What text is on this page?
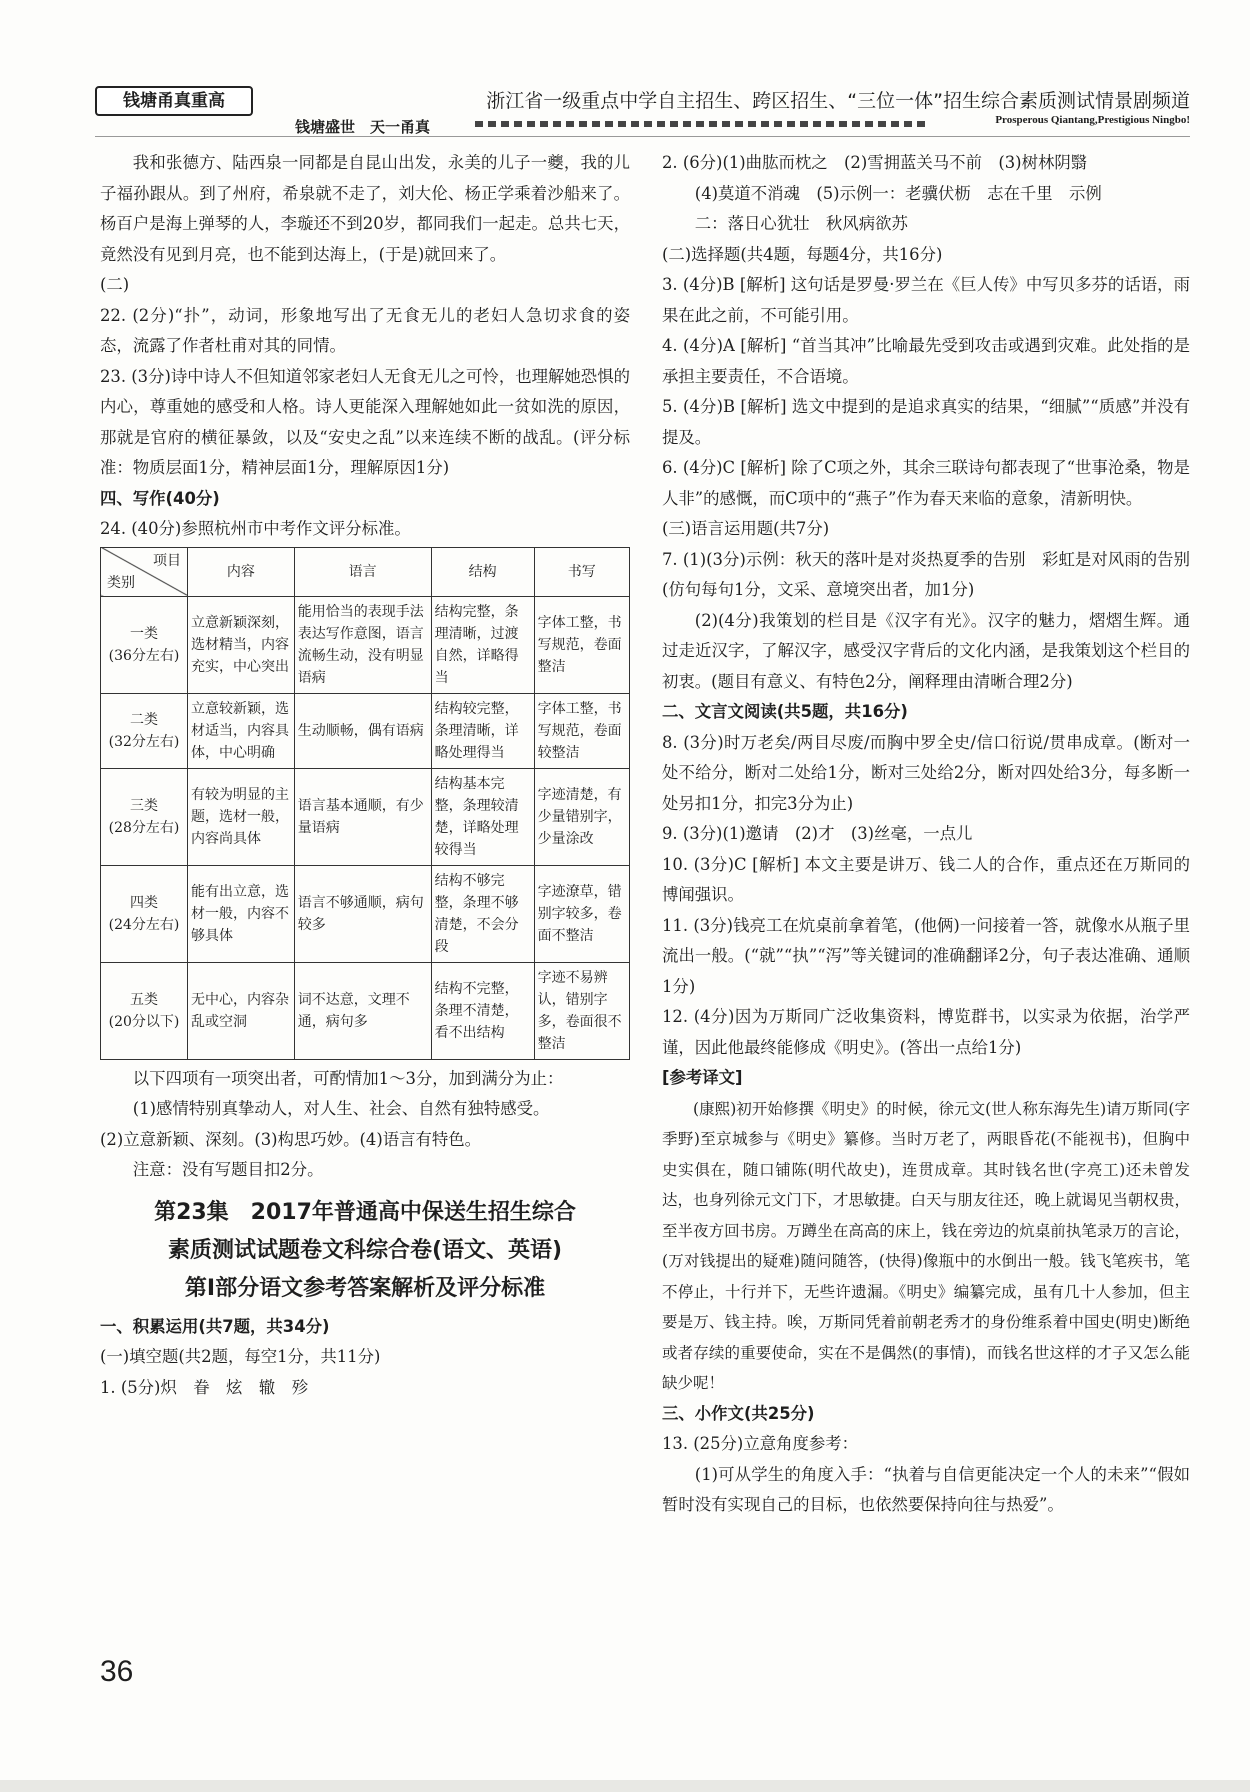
钱塘甬真重高
钱塘盛世　天一甬真
浙江省一级重点中学自主招生、跨区招生、“三位一体”招生综合素质测试情景剧频道
Prosperous Qiantang,Prestigious Ningbo!

我和张德方、陆西泉一同都是自昆山出发，永美的儿子一夔，我的儿子福孙跟从。到了州府，希泉就不走了，刘大伦、杨正学乘着沙船来了。杨百户是海上弹琴的人，李璇还不到20岁，都同我们一起走。总共七天，竟然没有见到月亮，也不能到达海上，(于是)就回来了。

(二)

22. (2分)“扑”，动词，形象地写出了无食无儿的老妇人急切求食的姿态，流露了作者杜甫对其的同情。

23. (3分)诗中诗人不但知道邻家老妇人无食无儿之可怜，也理解她恐惧的内心，尊重她的感受和人格。诗人更能深入理解她如此一贫如洗的原因，那就是官府的横征暴敛，以及“安史之乱”以来连续不断的战乱。(评分标准：物质层面1分，精神层面1分，理解原因1分)

四、写作(40分)

24. (40分)参照杭州市中考作文评分标准。

项目
类别	内容	语言	结构	书写
一类
(36分左右)	立意新颖深刻，选材精当，内容充实，中心突出	能用恰当的表现手法表达写作意图，语言流畅生动，没有明显语病	结构完整，条理清晰，过渡自然，详略得当	字体工整，书写规范，卷面整洁
二类
(32分左右)	立意较新颖，选材适当，内容具体，中心明确	生动顺畅，偶有语病	结构较完整，条理清晰，详略处理得当	字体工整，书写规范，卷面较整洁
三类
(28分左右)	有较为明显的主题，选材一般，内容尚具体	语言基本通顺，有少量语病	结构基本完整，条理较清楚，详略处理较得当	字迹清楚，有少量错别字，少量涂改
四类
(24分左右)	能有出立意，选材一般，内容不够具体	语言不够通顺，病句较多	结构不够完整，条理不够清楚，不会分段	字迹潦草，错别字较多，卷面不整洁
五类
(20分以下)	无中心，内容杂乱或空洞	词不达意，文理不通，病句多	结构不完整，条理不清楚，看不出结构	字迹不易辨认，错别字多，卷面很不整洁

以下四项有一项突出者，可酌情加1～3分，加到满分为止：

(1)感情特别真挚动人，对人生、社会、自然有独特感受。

(2)立意新颖、深刻。(3)构思巧妙。(4)语言有特色。

注意：没有写题目扣2分。

第23集　2017年普通高中保送生招生综合
素质测试试题卷文科综合卷(语文、英语)
第Ⅰ部分语文参考答案解析及评分标准

一、积累运用(共7题，共34分)

(一)填空题(共2题，每空1分，共11分)

1. (5分)炽　眷　炫　辙　殄

2. (6分)(1)曲肱而枕之　(2)雪拥蓝关马不前　(3)树林阴翳

(4)莫道不消魂　(5)示例一：老骥伏枥　志在千里　示例

二：落日心犹壮　秋风病欲苏

(二)选择题(共4题，每题4分，共16分)

3. (4分)B [解析] 这句话是罗曼·罗兰在《巨人传》中写贝多芬的话语，雨果在此之前，不可能引用。

4. (4分)A [解析] “首当其冲”比喻最先受到攻击或遇到灾难。此处指的是承担主要责任，不合语境。

5. (4分)B [解析] 选文中提到的是追求真实的结果，“细腻”“质感”并没有提及。

6. (4分)C [解析] 除了C项之外，其余三联诗句都表现了“世事沧桑，物是人非”的感慨，而C项中的“燕子”作为春天来临的意象，清新明快。

(三)语言运用题(共7分)

7. (1)(3分)示例：秋天的落叶是对炎热夏季的告别　彩虹是对风雨的告别(仿句每句1分，文采、意境突出者，加1分)

(2)(4分)我策划的栏目是《汉字有光》。汉字的魅力，熠熠生辉。通过走近汉字，了解汉字，感受汉字背后的文化内涵，是我策划这个栏目的初衷。(题目有意义、有特色2分，阐释理由清晰合理2分)

二、文言文阅读(共5题，共16分)

8. (3分)时万老矣/两目尽废/而胸中罗全史/信口衍说/贯串成章。(断对一处不给分，断对二处给1分，断对三处给2分，断对四处给3分，每多断一处另扣1分，扣完3分为止)

9. (3分)(1)邀请　(2)才　(3)丝毫，一点儿

10. (3分)C [解析] 本文主要是讲万、钱二人的合作，重点还在万斯同的博闻强识。

11. (3分)钱亮工在炕桌前拿着笔，(他俩)一问接着一答，就像水从瓶子里流出一般。(“就”“执”“泻”等关键词的准确翻译2分，句子表达准确、通顺1分)

12. (4分)因为万斯同广泛收集资料，博览群书，以实录为依据，治学严谨，因此他最终能修成《明史》。(答出一点给1分)

[参考译文]

(康熙)初开始修撰《明史》的时候，徐元文(世人称东海先生)请万斯同(字季野)至京城参与《明史》纂修。当时万老了，两眼昏花(不能视书)，但胸中史实俱在，随口铺陈(明代故史)，连贯成章。其时钱名世(字亮工)还未曾发达，也身列徐元文门下，才思敏捷。白天与朋友往还，晚上就谒见当朝权贵，至半夜方回书房。万蹲坐在高高的床上，钱在旁边的炕桌前执笔录万的言论，(万对钱提出的疑难)随问随答，(快得)像瓶中的水倒出一般。钱飞笔疾书，笔不停止，十行并下，无些许遗漏。《明史》编纂完成，虽有几十人参加，但主要是万、钱主持。唉，万斯同凭着前朝老秀才的身份维系着中国史(明史)断绝或者存续的重要使命，实在不是偶然(的事情)，而钱名世这样的才子又怎么能缺少呢！

三、小作文(共25分)

13. (25分)立意角度参考：

(1)可从学生的角度入手：“执着与自信更能决定一个人的未来”“假如暂时没有实现自己的目标，也依然要保持向往与热爱”。

36
